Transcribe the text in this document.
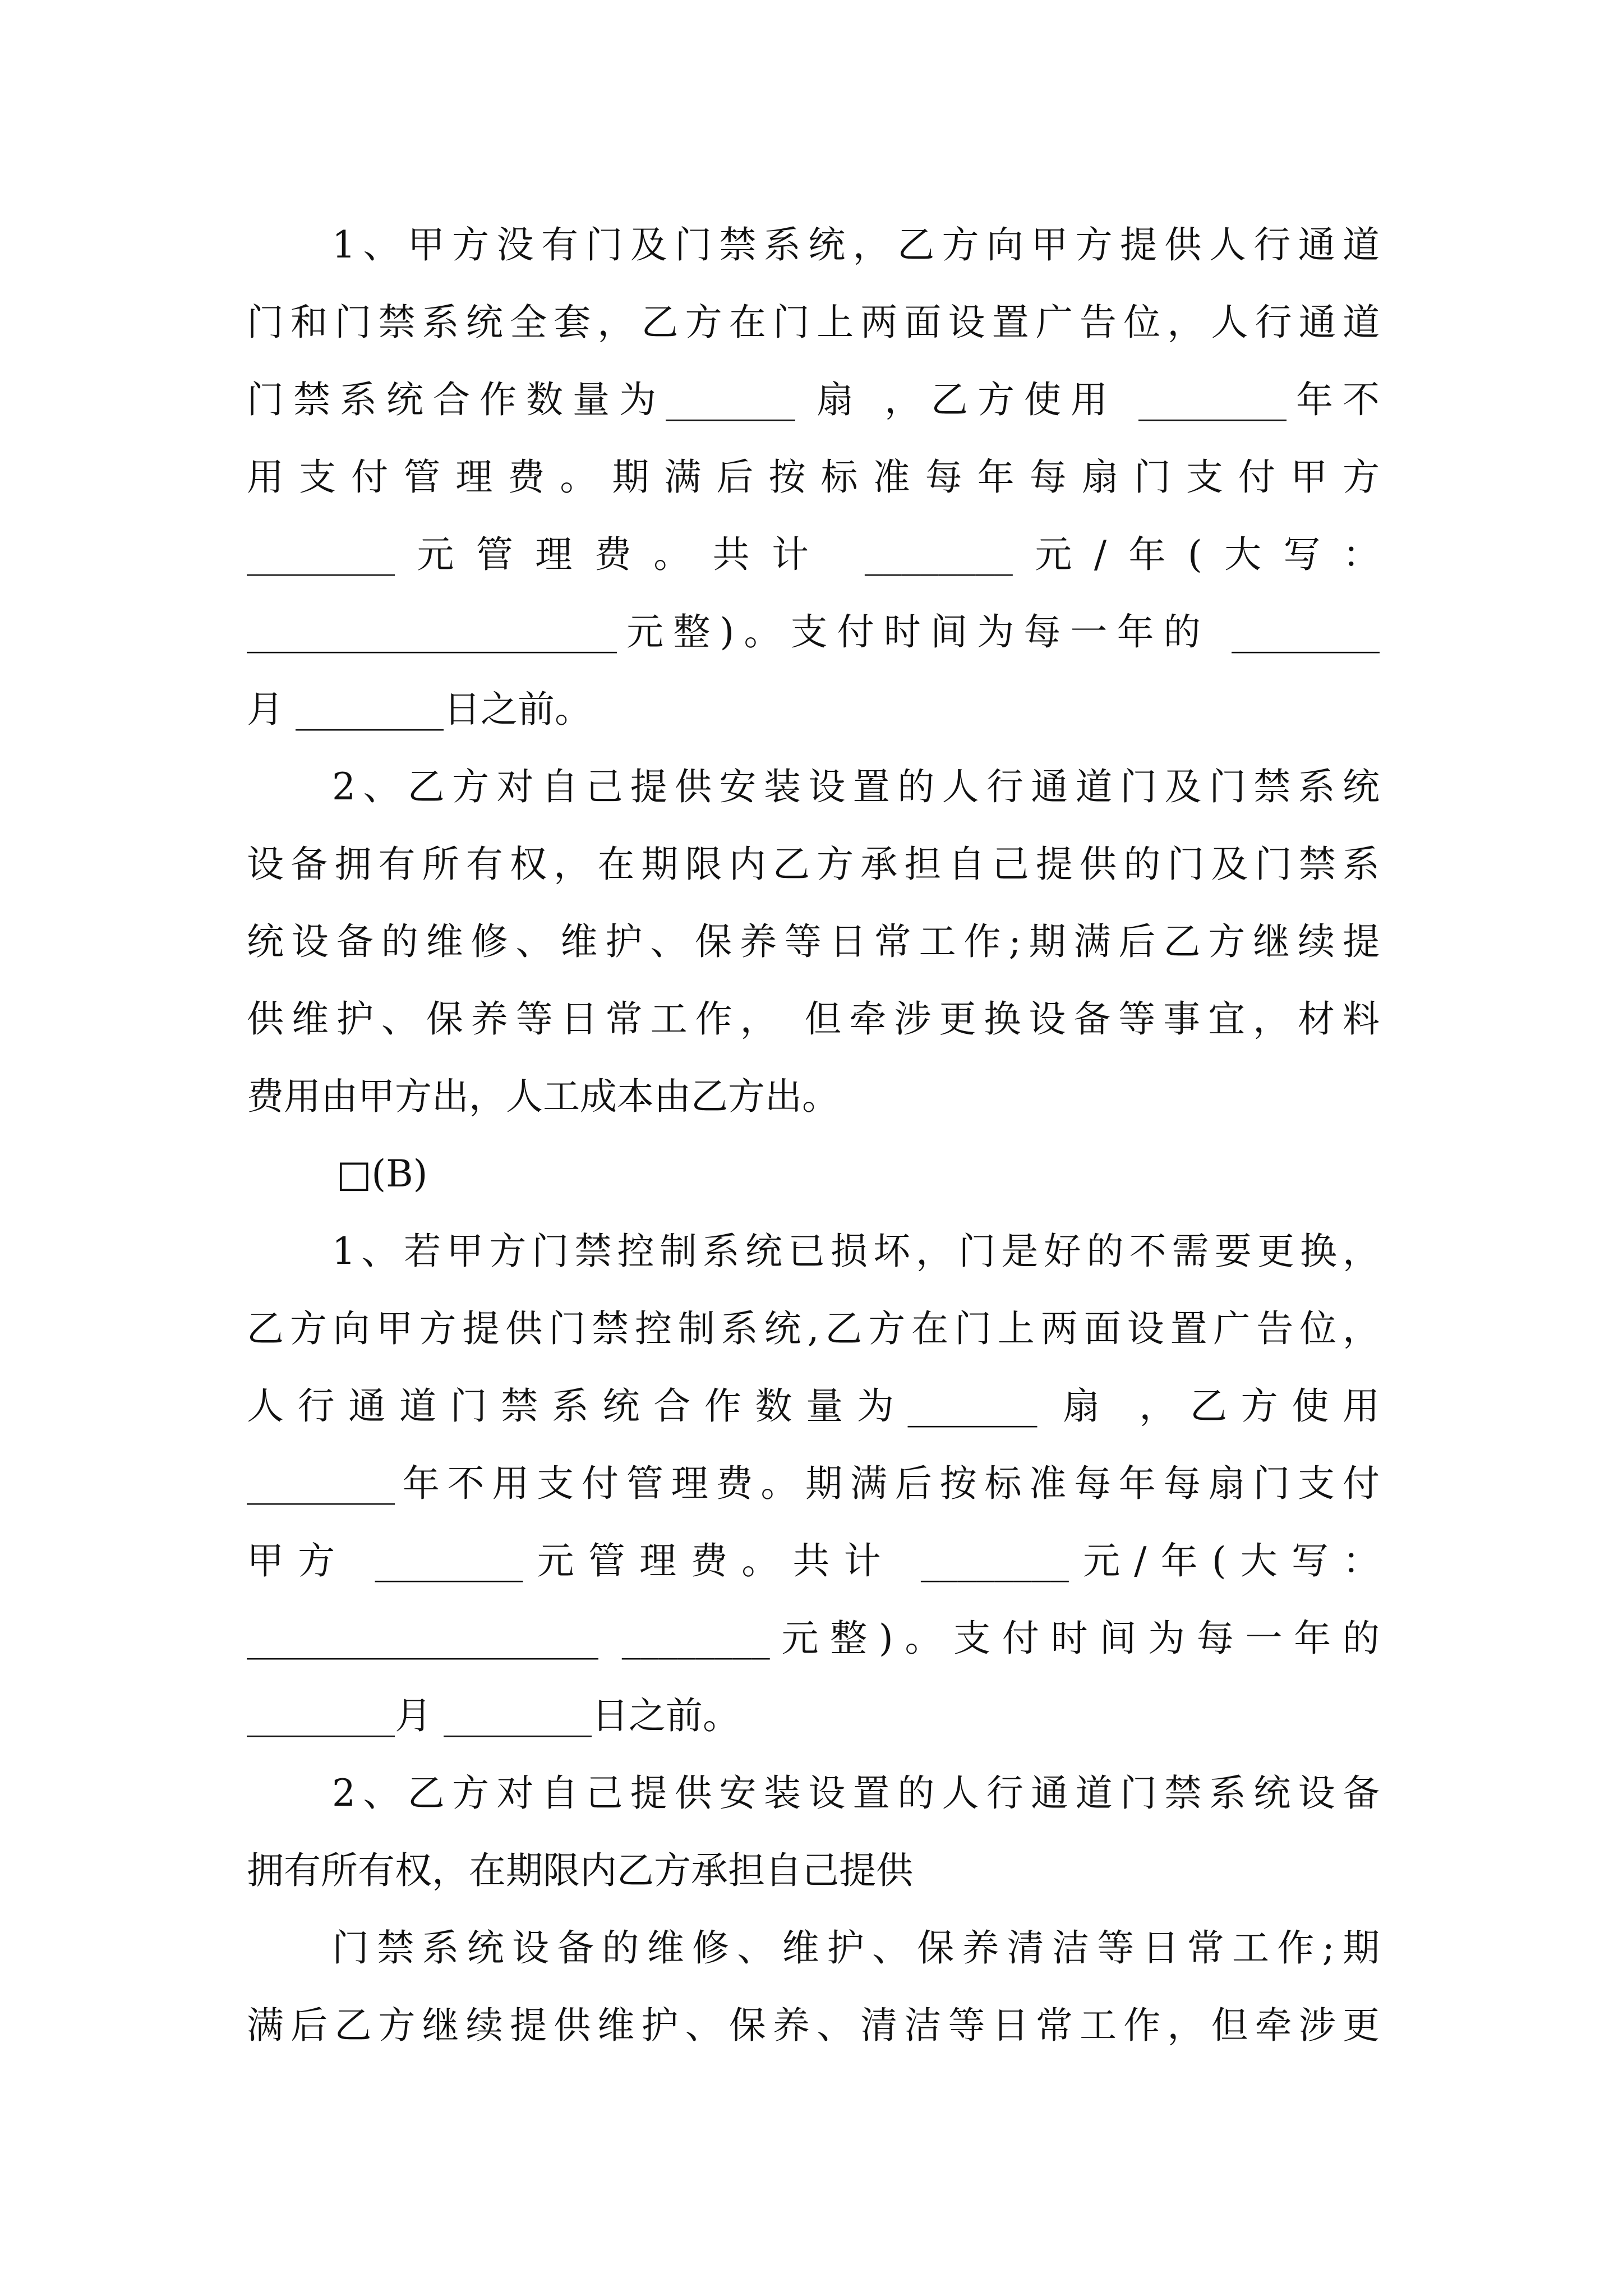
1、甲方没有门及门禁系统，乙方向甲方提供人行通道
门和门禁系统全套，乙方在门上两面设置广告位，人行通道
门禁系统合作数量为_______ 扇 ，乙方使用 ________年不
用支付管理费。期满后按标准每年每扇门支付甲方
________元管理费。共计 ________元/年(大写：
____________________元整)。支付时间为每一年的 ________
月 ________日之前。
2、乙方对自己提供安装设置的人行通道门及门禁系统
设备拥有所有权，在期限内乙方承担自己提供的门及门禁系
统设备的维修、维护、保养等日常工作;期满后乙方继续提
供维护、保养等日常工作， 但牵涉更换设备等事宜，材料
费用由甲方出，人工成本由乙方出。
□(B)
1、若甲方门禁控制系统已损坏，门是好的不需要更换，
乙方向甲方提供门禁控制系统,乙方在门上两面设置广告位，
人行通道门禁系统合作数量为_______ 扇 ，乙方使用
________年不用支付管理费。期满后按标准每年每扇门支付
甲方 ________元管理费。共计 ________元/年(大写：
___________________ ________元整)。支付时间为每一年的
________月 ________日之前。
2、乙方对自己提供安装设置的人行通道门禁系统设备
拥有所有权，在期限内乙方承担自己提供
门禁系统设备的维修、维护、保养清洁等日常工作;期
满后乙方继续提供维护、保养、清洁等日常工作，但牵涉更
